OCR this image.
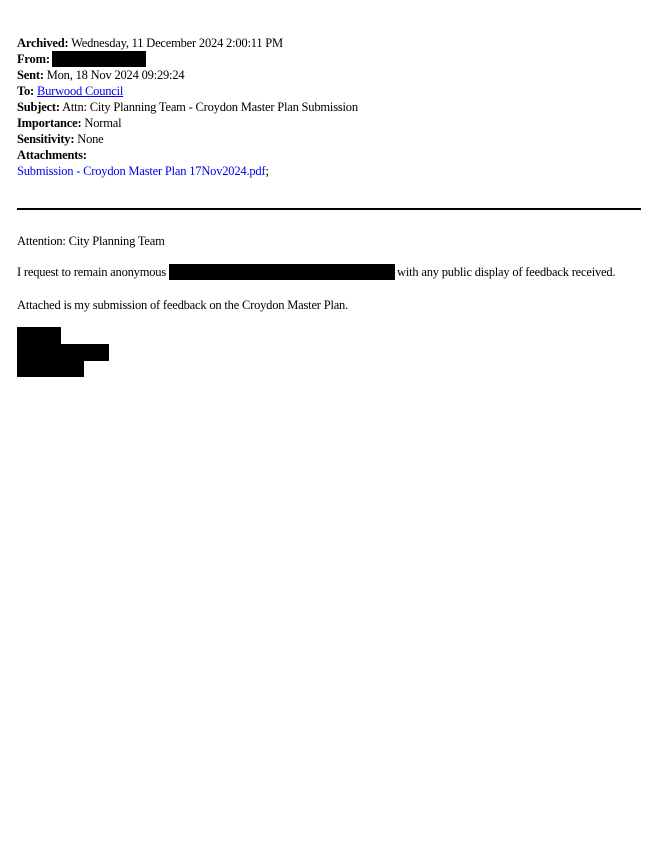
Archived: Wednesday, 11 December 2024 2:00:11 PM
From:
Sent: Mon, 18 Nov 2024 09:29:24
To: Burwood Council
Subject: Attn: City Planning Team - Croydon Master Plan Submission
Importance: Normal
Sensitivity: None
Attachments:
Submission - Croydon Master Plan 17Nov2024.pdf;
Attention: City Planning Team
I request to remain anonymous	with any public display of feedback received.
Attached is my submission of feedback on the Croydon Master Plan.
